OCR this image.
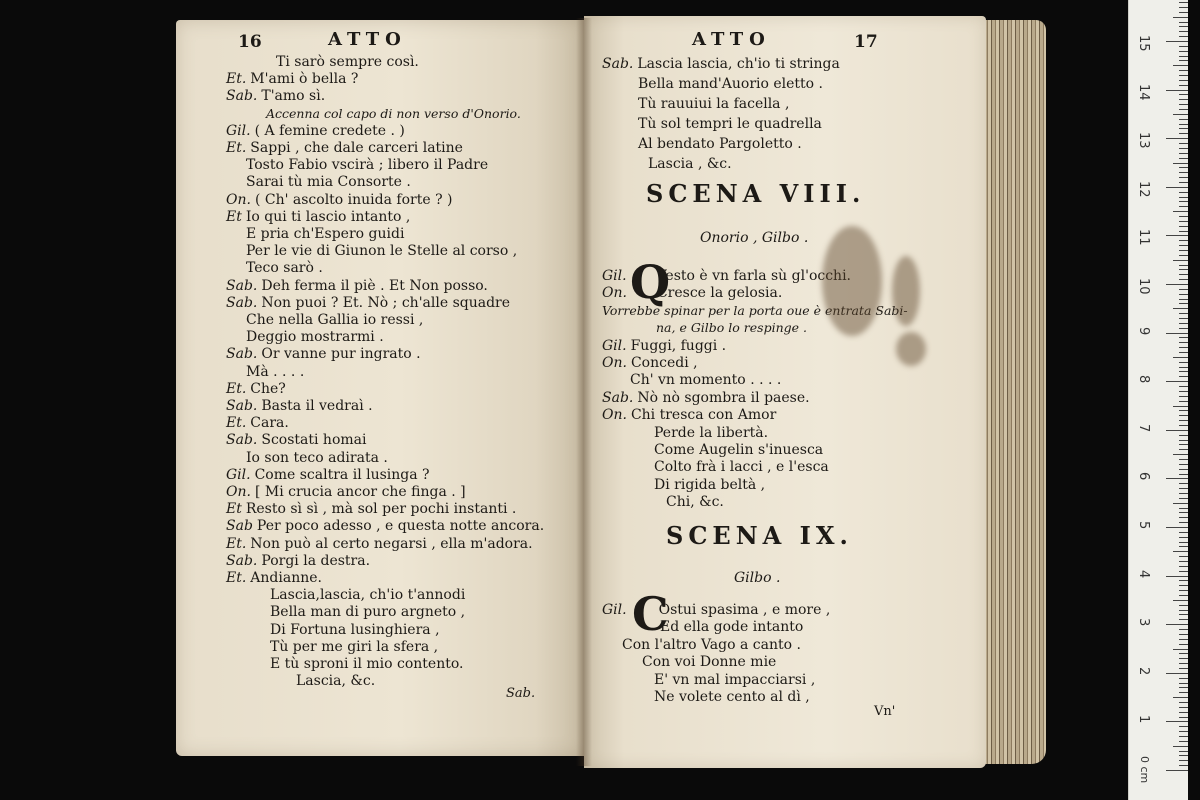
16	ATTO
Ti sarò sempre così.
Et. M'ami ò bella ?
Sab. T'amo sì.
Accenna col capo di non verso d'Onorio.
Gil. ( A femine credete . )
Et. Sappi , che dale carceri latine
Tosto Fabio vscirà ; libero il Padre
Sarai tù mia Consorte .
On. ( Ch' ascolto inuida forte ? )
Et Io qui ti lascio intanto ,
E pria ch'Espero guidi
Per le vie di Giunon le Stelle al corso ,
Teco sarò .
Sab. Deh ferma il piè . Et Non posso.
Sab. Non puoi ? Et. Nò ; ch'alle squadre
Che nella Gallia io ressi ,
Deggio mostrarmi .
Sab. Or vanne pur ingrato .
Mà . . . .
Et. Che?
Sab. Basta il vedraì .
Et. Cara.
Sab. Scostati homai
Io son teco adirata .
Gil. Come scaltra il lusinga ?
On. [ Mi crucia ancor che finga . ]
Et Resto sì sì , mà sol per pochi instanti .
Sab Per poco adesso , e questa notte ancora.
Et. Non può al certo negarsi , ella m'adora.
Sab. Porgi la destra.
Et. Andianne.
Lascia,lascia, ch'io t'annodi
Bella man di puro argneto ,
Di Fortuna lusinghiera ,
Tù per me giri la sfera ,
E tù sproni il mio contento.
Lascia, &c.
Sab.
ATTO	17
Sab. Lascia lascia, ch'io ti stringa
Bella mand'Auorio eletto .
Tù rauuiui la facella ,
Tù sol tempri le quadrella
Al bendato Pargoletto .
Lascia , &c.
SCENA VIII.
Onorio , Gilbo .
Q
Gil. Vesto è vn farla sù gl'occhi.
On. Cresce la gelosia.
Vorrebbe spinar per la porta oue è entrata Sabi-
na, e Gilbo lo respinge .
Gil. Fuggi, fuggi .
On. Concedi ,
Ch' vn momento . . . .
Sab. Nò nò sgombra il paese.
On. Chi tresca con Amor
Perde la libertà.
Come Augelin s'inuesca
Colto frà i lacci , e l'esca
Di rigida beltà ,
Chi, &c.
SCENA IX.
Gilbo .
C
Gil. Ostui spasima , e more ,
Ed ella gode intanto
Con l'altro Vago a canto .
Con voi Donne mie
E' vn mal impacciarsi ,
Ne volete cento al dì ,
Vn'
0 cm
1
2
3
4
5
6
7
8
9
10
11
12
13
14
15
